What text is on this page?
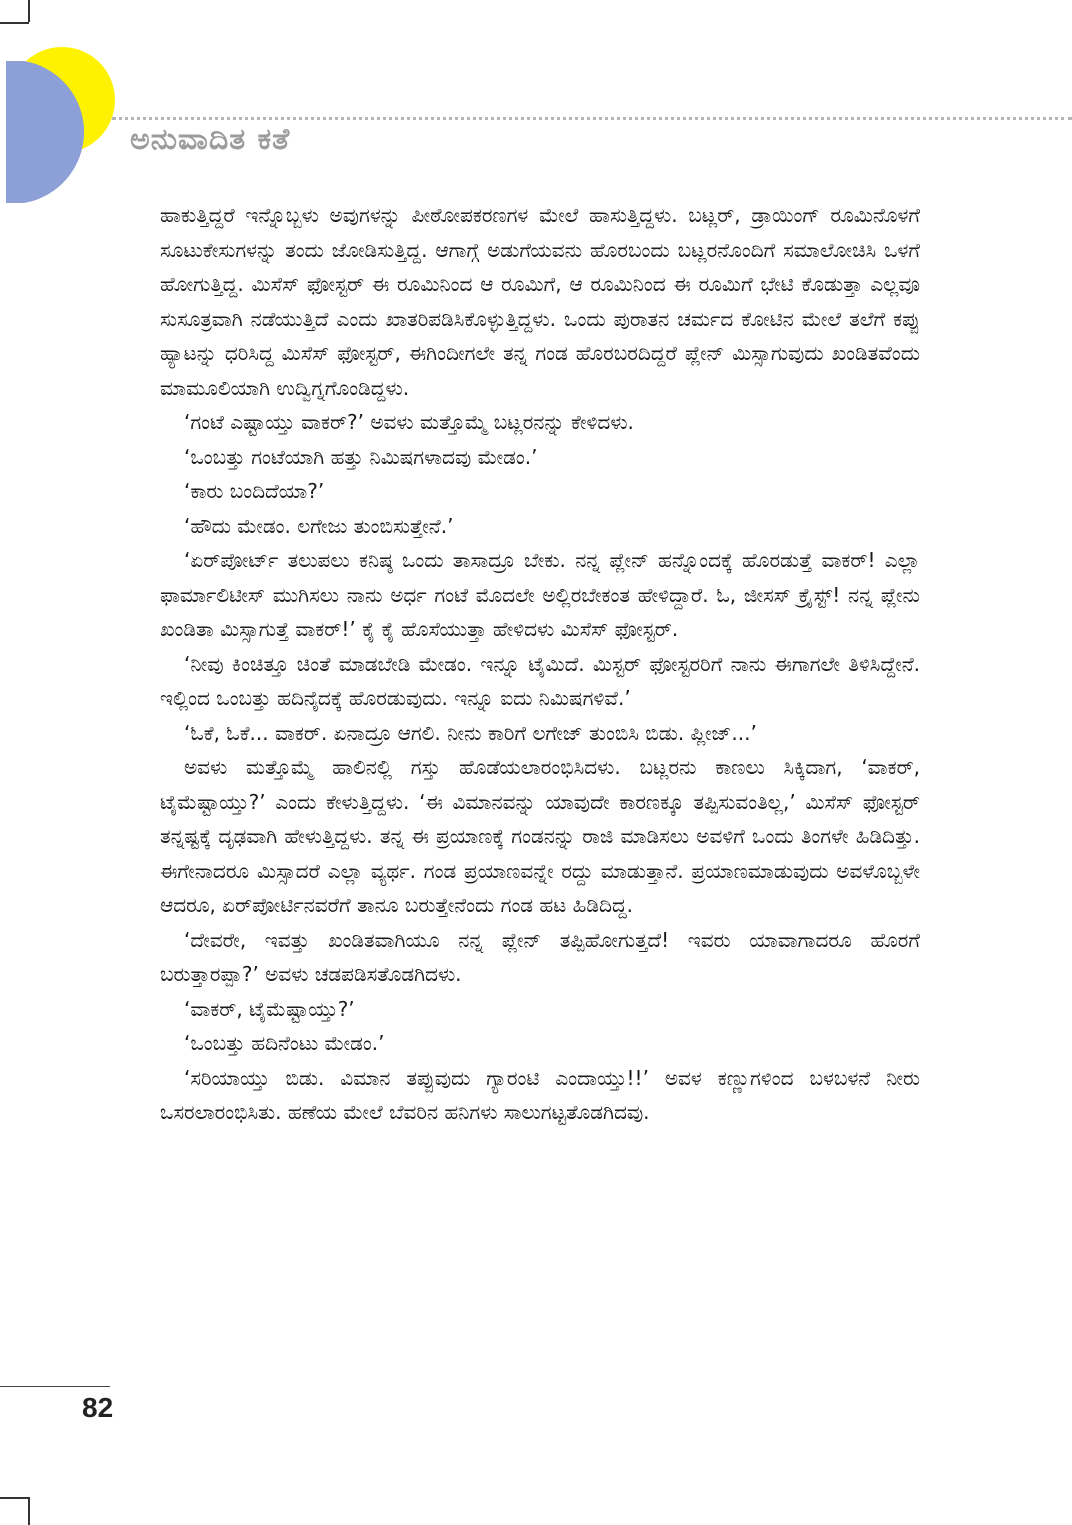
ಅನುವಾದಿತ ಕತೆ

ಹಾಕುತ್ತಿದ್ದರೆ ಇನ್ನೊಬ್ಬಳು ಅವುಗಳನ್ನು ಪೀಠೋಪಕರಣಗಳ ಮೇಲೆ ಹಾಸುತ್ತಿದ್ದಳು. ಬಟ್ಲರ್, ಡ್ರಾಯಿಂಗ್ ರೂಮಿನೊಳಗೆ ಸೂಟುಕೇಸುಗಳನ್ನು ತಂದು ಜೋಡಿಸುತ್ತಿದ್ದ. ಆಗಾಗ್ಗೆ ಅಡುಗೆಯವನು ಹೊರಬಂದು ಬಟ್ಲರನೊಂದಿಗೆ ಸಮಾಲೋಚಿಸಿ ಒಳಗೆ ಹೋಗುತ್ತಿದ್ದ. ಮಿಸೆಸ್ ಫೋಸ್ಟರ್ ಈ ರೂಮಿನಿಂದ ಆ ರೂಮಿಗೆ, ಆ ರೂಮಿನಿಂದ ಈ ರೂಮಿಗೆ ಭೇಟಿ ಕೊಡುತ್ತಾ ಎಲ್ಲವೂ ಸುಸೂತ್ರವಾಗಿ ನಡೆಯುತ್ತಿದೆ ಎಂದು ಖಾತರಿಪಡಿಸಿಕೊಳ್ಳುತ್ತಿದ್ದಳು. ಒಂದು ಪುರಾತನ ಚರ್ಮದ ಕೋಟಿನ ಮೇಲೆ ತಲೆಗೆ ಕಪ್ಪು ಹ್ಯಾಟನ್ನು ಧರಿಸಿದ್ದ ಮಿಸೆಸ್ ಫೋಸ್ಟರ್, ಈಗಿಂದೀಗಲೇ ತನ್ನ ಗಂಡ ಹೊರಬರದಿದ್ದರೆ ಪ್ಲೇನ್ ಮಿಸ್ಸಾಗುವುದು ಖಂಡಿತವೆಂದು ಮಾಮೂಲಿಯಾಗಿ ಉದ್ವಿಗ್ನಗೊಂಡಿದ್ದಳು.

‘ಗಂಟೆ ಎಷ್ಟಾಯ್ತು ವಾಕರ್?’ ಅವಳು ಮತ್ತೊಮ್ಮೆ ಬಟ್ಲರನನ್ನು ಕೇಳಿದಳು.

‘ಒಂಬತ್ತು ಗಂಟೆಯಾಗಿ ಹತ್ತು ನಿಮಿಷಗಳಾದವು ಮೇಡಂ.’

‘ಕಾರು ಬಂದಿದೆಯಾ?’

‘ಹೌದು ಮೇಡಂ. ಲಗೇಜು ತುಂಬಿಸುತ್ತೇನೆ.’

‘ಏರ್‌ಪೋರ್ಟ್ ತಲುಪಲು ಕನಿಷ್ಠ ಒಂದು ತಾಸಾದ್ರೂ ಬೇಕು. ನನ್ನ ಪ್ಲೇನ್ ಹನ್ನೊಂದಕ್ಕೆ ಹೊರಡುತ್ತೆ ವಾಕರ್! ಎಲ್ಲಾ ಫಾರ್ಮಾಲಿಟೀಸ್ ಮುಗಿಸಲು ನಾನು ಅರ್ಧ ಗಂಟೆ ಮೊದಲೇ ಅಲ್ಲಿರಬೇಕಂತ ಹೇಳಿದ್ದಾರೆ. ಓ, ಜೀಸಸ್ ಕ್ರೈಸ್ಟ್! ನನ್ನ ಪ್ಲೇನು ಖಂಡಿತಾ ಮಿಸ್ಸಾಗುತ್ತೆ ವಾಕರ್!’ ಕೈ ಕೈ ಹೊಸೆಯುತ್ತಾ ಹೇಳಿದಳು ಮಿಸೆಸ್ ಫೋಸ್ಟರ್.

‘ನೀವು ಕಿಂಚಿತ್ತೂ ಚಿಂತೆ ಮಾಡಬೇಡಿ ಮೇಡಂ. ಇನ್ನೂ ಟೈಮಿದೆ. ಮಿಸ್ಟರ್ ಫೋಸ್ಟರರಿಗೆ ನಾನು ಈಗಾಗಲೇ ತಿಳಿಸಿದ್ದೇನೆ. ಇಲ್ಲಿಂದ ಒಂಬತ್ತು ಹದಿನೈದಕ್ಕೆ ಹೊರಡುವುದು. ಇನ್ನೂ ಐದು ನಿಮಿಷಗಳಿವೆ.’

‘ಓಕೆ, ಓಕೆ... ವಾಕರ್. ಏನಾದ್ರೂ ಆಗಲಿ. ನೀನು ಕಾರಿಗೆ ಲಗೇಜ್ ತುಂಬಿಸಿ ಬಿಡು. ಪ್ಲೀಜ್...’

ಅವಳು ಮತ್ತೊಮ್ಮೆ ಹಾಲಿನಲ್ಲಿ ಗಸ್ತು ಹೊಡೆಯಲಾರಂಭಿಸಿದಳು. ಬಟ್ಲರನು ಕಾಣಲು ಸಿಕ್ಕಿದಾಗ, ‘ವಾಕರ್, ಟೈಮೆಷ್ಟಾಯ್ತು?’ ಎಂದು ಕೇಳುತ್ತಿದ್ದಳು. ‘ಈ ವಿಮಾನವನ್ನು ಯಾವುದೇ ಕಾರಣಕ್ಕೂ ತಪ್ಪಿಸುವಂತಿಲ್ಲ,’ ಮಿಸೆಸ್ ಫೋಸ್ಟರ್ ತನ್ನಷ್ಟಕ್ಕೆ ದೃಢವಾಗಿ ಹೇಳುತ್ತಿದ್ದಳು. ತನ್ನ ಈ ಪ್ರಯಾಣಕ್ಕೆ ಗಂಡನನ್ನು ರಾಜಿ ಮಾಡಿಸಲು ಅವಳಿಗೆ ಒಂದು ತಿಂಗಳೇ ಹಿಡಿದಿತ್ತು. ಈಗೇನಾದರೂ ಮಿಸ್ಸಾದರೆ ಎಲ್ಲಾ ವ್ಯರ್ಥ. ಗಂಡ ಪ್ರಯಾಣವನ್ನೇ ರದ್ದು ಮಾಡುತ್ತಾನೆ. ಪ್ರಯಾಣಮಾಡುವುದು ಅವಳೊಬ್ಬಳೇ ಆದರೂ, ಏರ್‌ಪೋರ್ಟಿನವರೆಗೆ ತಾನೂ ಬರುತ್ತೇನೆಂದು ಗಂಡ ಹಟ ಹಿಡಿದಿದ್ದ.

‘ದೇವರೇ, ಇವತ್ತು ಖಂಡಿತವಾಗಿಯೂ ನನ್ನ ಪ್ಲೇನ್ ತಪ್ಪಿಹೋಗುತ್ತದೆ! ಇವರು ಯಾವಾಗಾದರೂ ಹೊರಗೆ ಬರುತ್ತಾರಪ್ಪಾ?’ ಅವಳು ಚಡಪಡಿಸತೊಡಗಿದಳು.

‘ವಾಕರ್, ಟೈಮೆಷ್ಟಾಯ್ತು?’

‘ಒಂಬತ್ತು ಹದಿನೆಂಟು ಮೇಡಂ.’

‘ಸರಿಯಾಯ್ತು ಬಿಡು. ವಿಮಾನ ತಪ್ಪುವುದು ಗ್ಯಾರಂಟಿ ಎಂದಾಯ್ತು!!’ ಅವಳ ಕಣ್ಣುಗಳಿಂದ ಬಳಬಳನೆ ನೀರು ಒಸರಲಾರಂಭಿಸಿತು. ಹಣೆಯ ಮೇಲೆ ಬೆವರಿನ ಹನಿಗಳು ಸಾಲುಗಟ್ಟತೊಡಗಿದವು.

82
